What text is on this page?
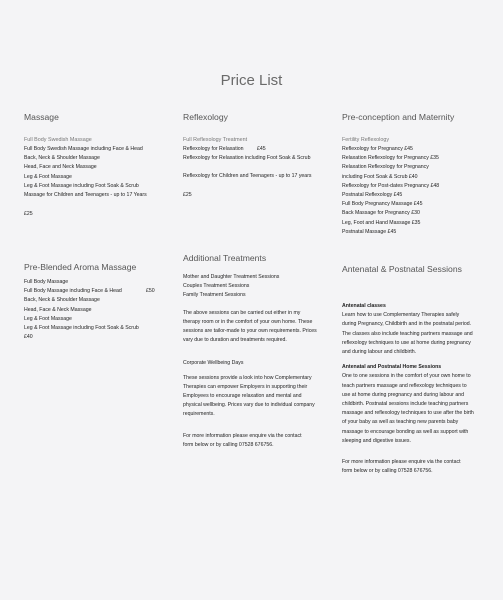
Price List
Massage
Full Body Swedish Massage
Full Body Swedish Massage including Face & Head
Back, Neck & Shoulder Massage
Head, Face and Neck Massage
Leg & Foot Massage
Leg & Foot Massage including Foot Soak & Scrub
Massage for Children and Teenagers - up to 17 Years
£25
Pre-Blended Aroma Massage
Full Body Massage
Full Body Massage including Face & Head	£50
Back, Neck & Shoulder Massage
Head, Face & Neck Massage
Leg & Foot Massage
Leg & Foot Massage including Foot Soak & Scrub
£40
Reflexology
Full Reflexology Treatment
Reflexology for Relaxation	£45
Reflexology for Relaxation including Foot Soak & Scrub
Reflexology for Children and Teenagers - up to 17 years
£25
Additional Treatments
Mother and Daughter Treatment Sessions
Couples Treatment Sessions
Family Treatment Sessions
The above sessions can be carried out either in my therapy room or in the comfort of your own home. These sessions are tailor-made to your own requirements. Prices vary due to duration and treatments required.
Corporate Wellbeing Days
These sessions provide a look into how Complementary Therapies can empower Employers in supporting their Employees to encourage relaxation and mental and physical wellbeing. Prices vary due to individual company requirements.
For more information please enquire via the contact form below or by calling 07528 676756.
Pre-conception and Maternity
Fertility Reflexology
Reflexology for Pregnancy £45
Relaxation Reflexology for Pregnancy £35
Relaxation Reflexology for Pregnancy
including Foot Soak & Scrub £40
Reflexology for Post-dates Pregnancy £48
Postnatal Reflexology £45
Full Body Pregnancy Massage £45
Back Massage for Pregnancy £30
Leg, Foot and Hand Massage £35
Postnatal Massage £45
Antenatal & Postnatal Sessions
Antenatal classes
Learn how to use Complementary Therapies safely during Pregnancy, Childbirth and in the postnatal period. The classes also include teaching partners massage and reflexology techniques to use at home during pregnancy and during labour and childbirth.
Antenatal and Postnatal Home Sessions
One to one sessions in the comfort of your own home to teach partners massage and reflexology techniques to use at home during pregnancy and during labour and childbirth. Postnatal sessions include teaching partners massage and reflexology techniques to use after the birth of your baby as well as teaching new parents baby massage to encourage bonding as well as support with sleeping and digestive issues.
For more information please enquire via the contact form below or by calling 07528 676756.
